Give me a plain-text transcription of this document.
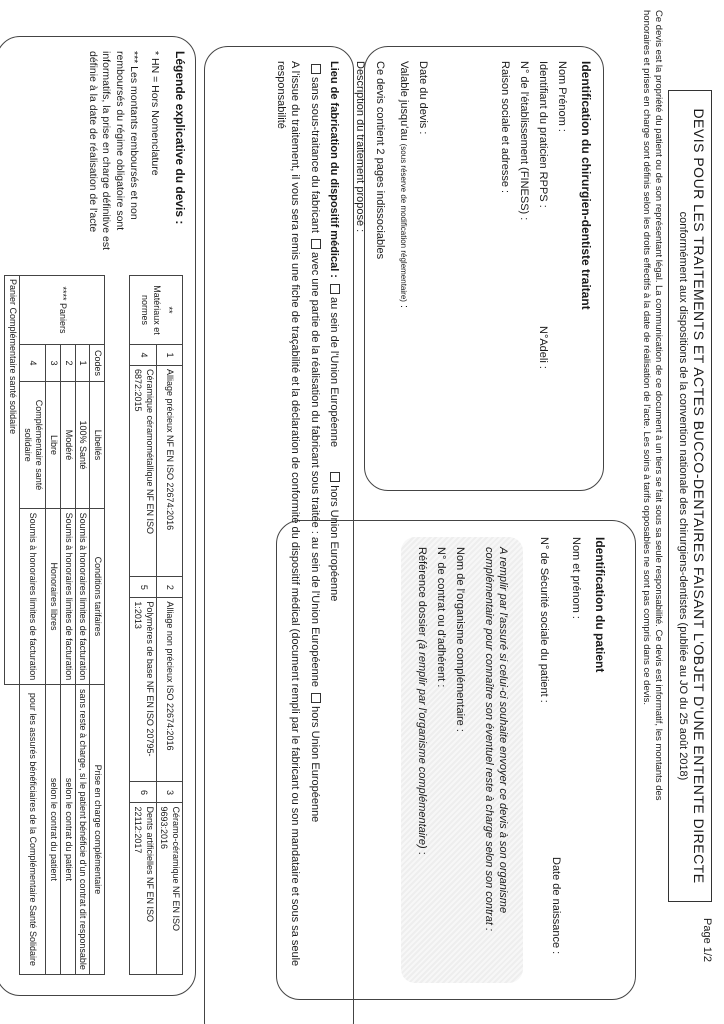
Page 1/2
DEVIS POUR LES TRAITEMENTS ET ACTES BUCCO-DENTAIRES FAISANT L'OBJET D'UNE ENTENTE DIRECTE
conformément aux dispositions de la convention nationale des chirurgiens-dentistes (publiée au JO du 25 août 2018)
Ce devis est la propriété du patient ou de son représentant légal. La communication de ce document à un tiers se fait sous sa seule responsabilité. Ce devis est informatif, les montants des
honoraires et prises en charge sont définis selon les droits effectifs à la date de réalisation de l'acte. Les soins à tarifs opposables ne sont pas compris dans ce devis.
Identification du chirurgien-dentiste traitant
Nom Prénom :
Identifiant du praticien RPPS :
N°Adeli :
N° de l'établissement (FINESS) :
Raison sociale et adresse :
Date du devis :
Valable jusqu'au (sous réserve de modification réglementaire) :
Ce devis contient 2 pages indissociables
Description du traitement proposé :
Identification du patient
Nom et prénom :
Date de naissance :
N° de Sécurité sociale du patient :
A remplir par l'assuré si celui-ci souhaite envoyer ce devis à son organisme complémentaire pour connaître son éventuel reste à charge selon son contrat :
Nom de l'organisme complémentaire :
N° de contrat ou d'adhérent :
Référence dossier (à remplir par l'organisme complémentaire) :
Lieu de fabrication du dispositif médical : au sein de l'Union Européenne hors Union Européenne
sans sous-traitance du fabricant avec une partie de la réalisation du fabricant sous traitée : au sein de l'Union Européenne hors Union Européenne
A l'issue du traitement, il vous sera remis une fiche de traçabilité et la déclaration de conformité du dispositif médical (document rempli par le fabricant ou son mandataire et sous sa seule responsabilité
Légende explicative du devis :
* HN = Hors Nomenclature
*** Les montants remboursés et non remboursés du régime obligatoire sont informatifs, la prise en charge définitive est définie à la date de réalisation de l'acte
**
Matériaux et normes	1	Alliage précieux NF EN ISO 22674:2016	2	Alliage non précieux ISO 22674:2016	3	Céramo-céramique NF EN ISO 9693:2016
	4	Céramique céramométallique NF EN ISO 6872:2015	5	Polymères de base NF EN ISO 20795-1:2013	6	Dents artificielles NF EN ISO 22112:2017
**** Paniers	Codes	Libellés	Conditions tarifaires	Prise en charge complémentaire
	1	100% Santé	Soumis à honoraires limites de facturation	sans reste à charge, si le patient bénéficie d'un contrat dit responsable
	2	Modéré	Soumis à honoraires limites de facturation	selon le contrat du patient
	3	Libre	Honoraires libres	selon le contrat du patient
	4	Complémentaire santé solidaire	Soumis à honoraires limites de facturation	pour les assurés bénéficiaires de la Complémentaire Santé Solidaire
Panier Complémentaire santé solidaire				
